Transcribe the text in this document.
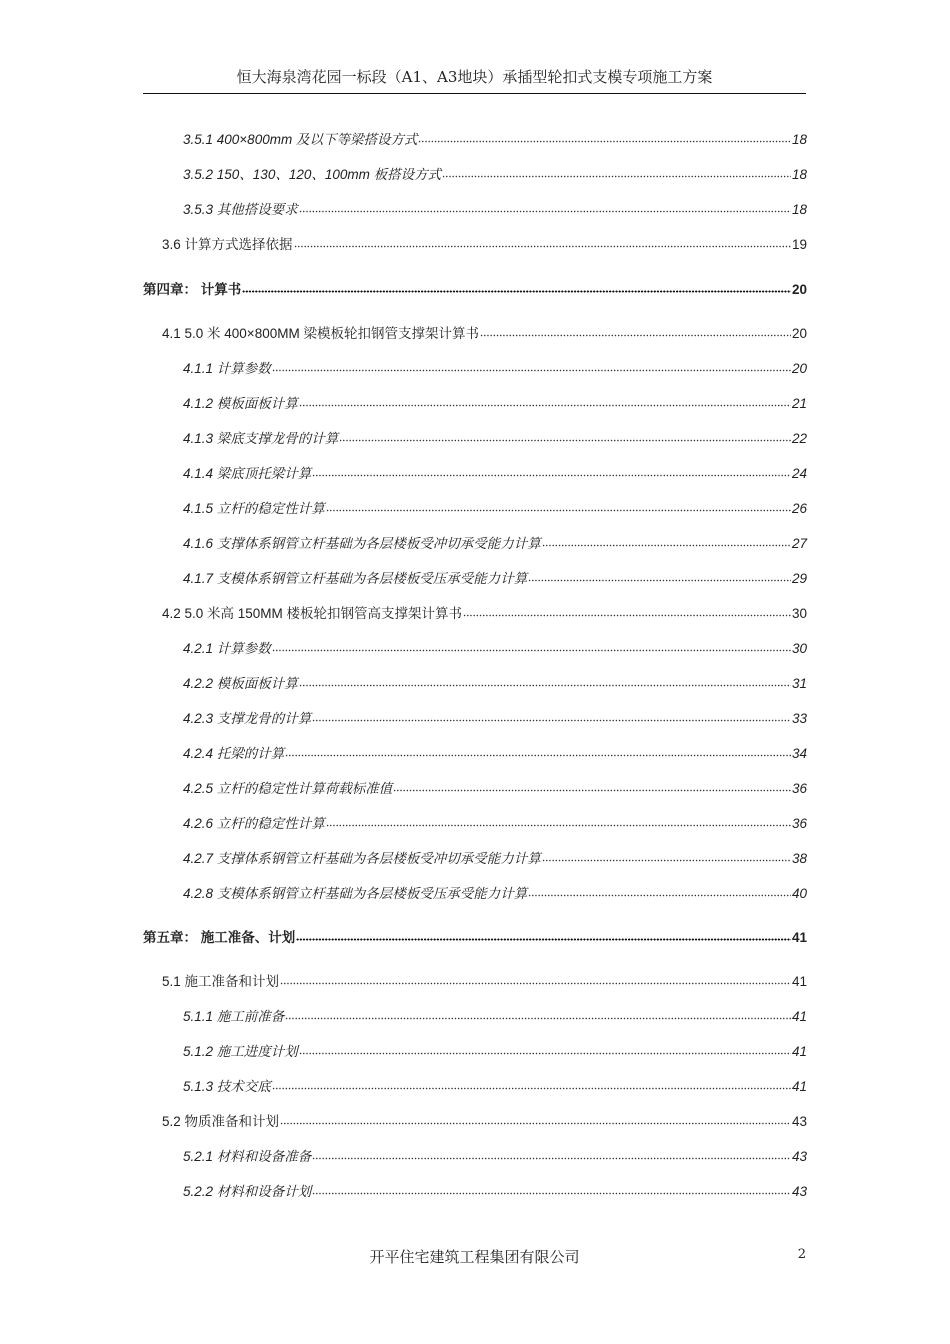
恒大海泉湾花园一标段（A1、A3地块）承插型轮扣式支模专项施工方案
3.5.1 400×800mm 及以下等梁搭设方式	18
3.5.2 150、130、120、100mm 板搭设方式	18
3.5.3 其他搭设要求	18
3.6 计算方式选择依据	19
第四章： 计算书	20
4.1 5.0 米 400×800MM 梁模板轮扣钢管支撑架计算书	20
4.1.1 计算参数	20
4.1.2 模板面板计算	21
4.1.3 梁底支撑龙骨的计算	22
4.1.4 梁底顶托梁计算	24
4.1.5 立杆的稳定性计算	26
4.1.6 支撑体系钢管立杆基础为各层楼板受冲切承受能力计算	27
4.1.7 支模体系钢管立杆基础为各层楼板受压承受能力计算	29
4.2 5.0 米高 150MM 楼板轮扣钢管高支撑架计算书	30
4.2.1 计算参数	30
4.2.2 模板面板计算	31
4.2.3 支撑龙骨的计算	33
4.2.4 托梁的计算	34
4.2.5 立杆的稳定性计算荷载标准值	36
4.2.6 立杆的稳定性计算	36
4.2.7 支撑体系钢管立杆基础为各层楼板受冲切承受能力计算	38
4.2.8 支模体系钢管立杆基础为各层楼板受压承受能力计算	40
第五章： 施工准备、计划	41
5.1 施工准备和计划	41
5.1.1 施工前准备	41
5.1.2 施工进度计划	41
5.1.3 技术交底	41
5.2 物质准备和计划	43
5.2.1 材料和设备准备	43
5.2.2 材料和设备计划	43
开平住宅建筑工程集团有限公司	2
